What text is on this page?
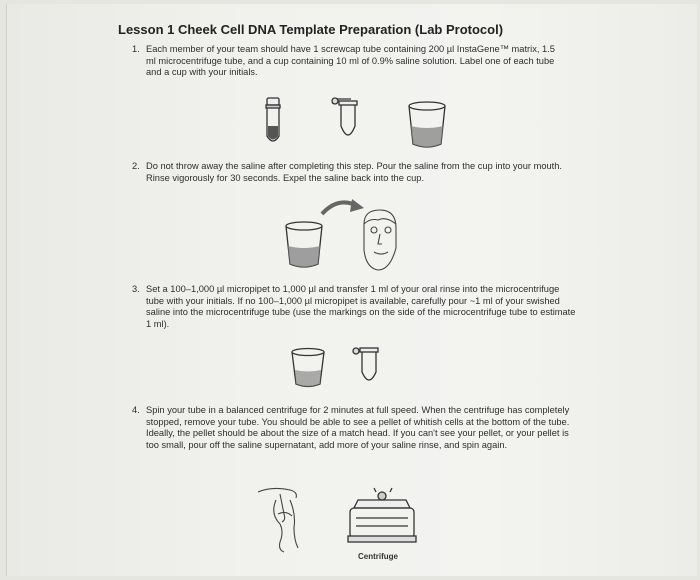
Lesson 1 Cheek Cell DNA Template Preparation (Lab Protocol)
1. Each member of your team should have 1 screwcap tube containing 200 µl InstaGene™ matrix, 1.5 ml microcentrifuge tube, and a cup containing 10 ml of 0.9% saline solution. Label one of each tube and a cup with your initials.
2. Do not throw away the saline after completing this step. Pour the saline from the cup into your mouth. Rinse vigorously for 30 seconds. Expel the saline back into the cup.
3. Set a 100–1,000 µl micropipet to 1,000 µl and transfer 1 ml of your oral rinse into the microcentrifuge tube with your initials. If no 100–1,000 µl micropipet is available, carefully pour ~1 ml of your swished saline into the microcentrifuge tube (use the markings on the side of the microcentrifuge tube to estimate 1 ml).
4. Spin your tube in a balanced centrifuge for 2 minutes at full speed. When the centrifuge has completely stopped, remove your tube. You should be able to see a pellet of whitish cells at the bottom of the tube. Ideally, the pellet should be about the size of a match head. If you can't see your pellet, or your pellet is too small, pour off the saline supernatant, add more of your saline rinse, and spin again.
Centrifuge
